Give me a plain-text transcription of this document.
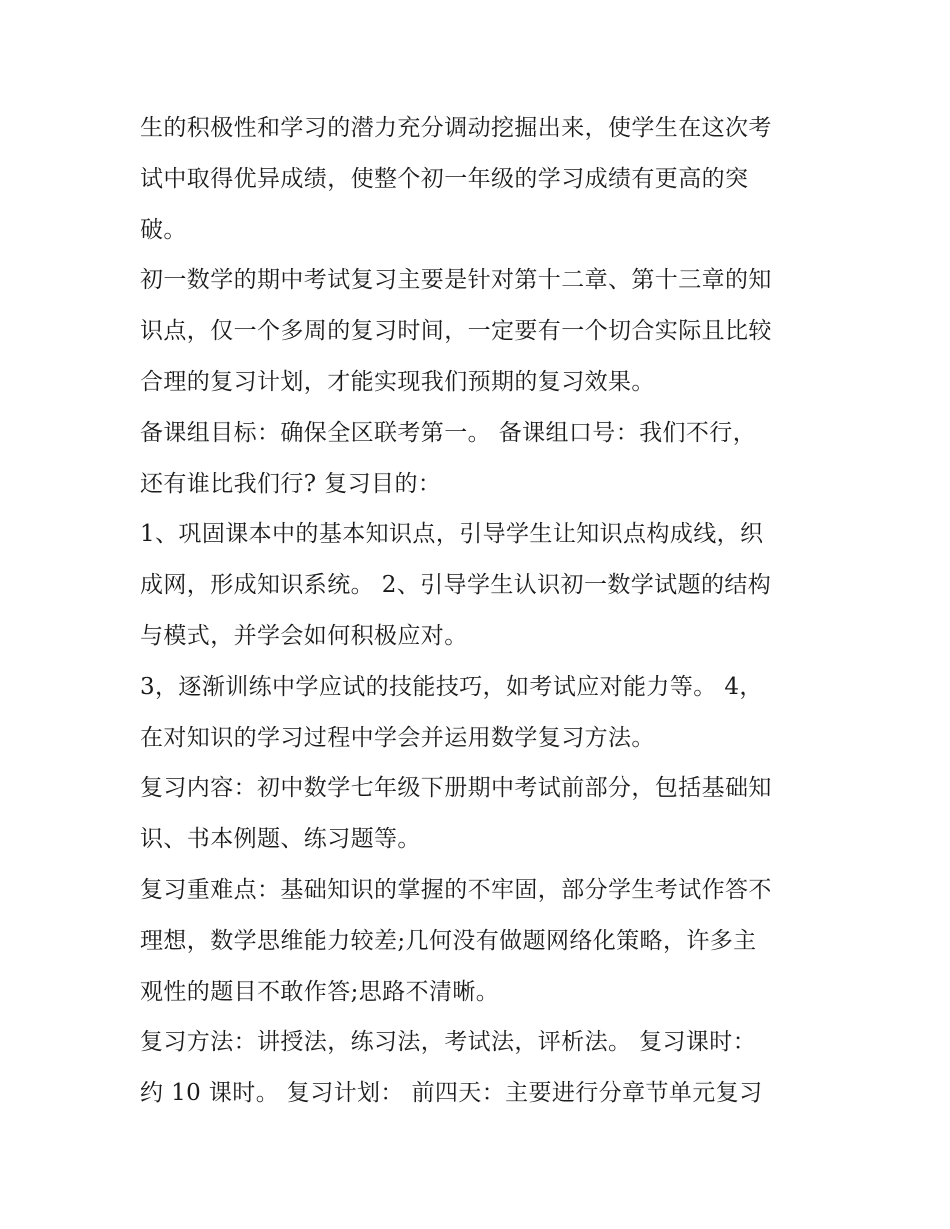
生的积极性和学习的潜力充分调动挖掘出来，使学生在这次考
试中取得优异成绩，使整个初一年级的学习成绩有更高的突
破。
初一数学的期中考试复习主要是针对第十二章、第十三章的知
识点，仅一个多周的复习时间，一定要有一个切合实际且比较
合理的复习计划，才能实现我们预期的复习效果。
备课组目标：确保全区联考第一。 备课组口号：我们不行，
还有谁比我们行? 复习目的：
1、巩固课本中的基本知识点，引导学生让知识点构成线，织
成网，形成知识系统。 2、引导学生认识初一数学试题的结构
与模式，并学会如何积极应对。
3，逐渐训练中学应试的技能技巧，如考试应对能力等。 4，
在对知识的学习过程中学会并运用数学复习方法。
复习内容：初中数学七年级下册期中考试前部分，包括基础知
识、书本例题、练习题等。
复习重难点：基础知识的掌握的不牢固，部分学生考试作答不
理想，数学思维能力较差;几何没有做题网络化策略，许多主
观性的题目不敢作答;思路不清晰。
复习方法：讲授法，练习法，考试法，评析法。 复习课时：
约 10 课时。 复习计划： 前四天：主要进行分章节单元复习
